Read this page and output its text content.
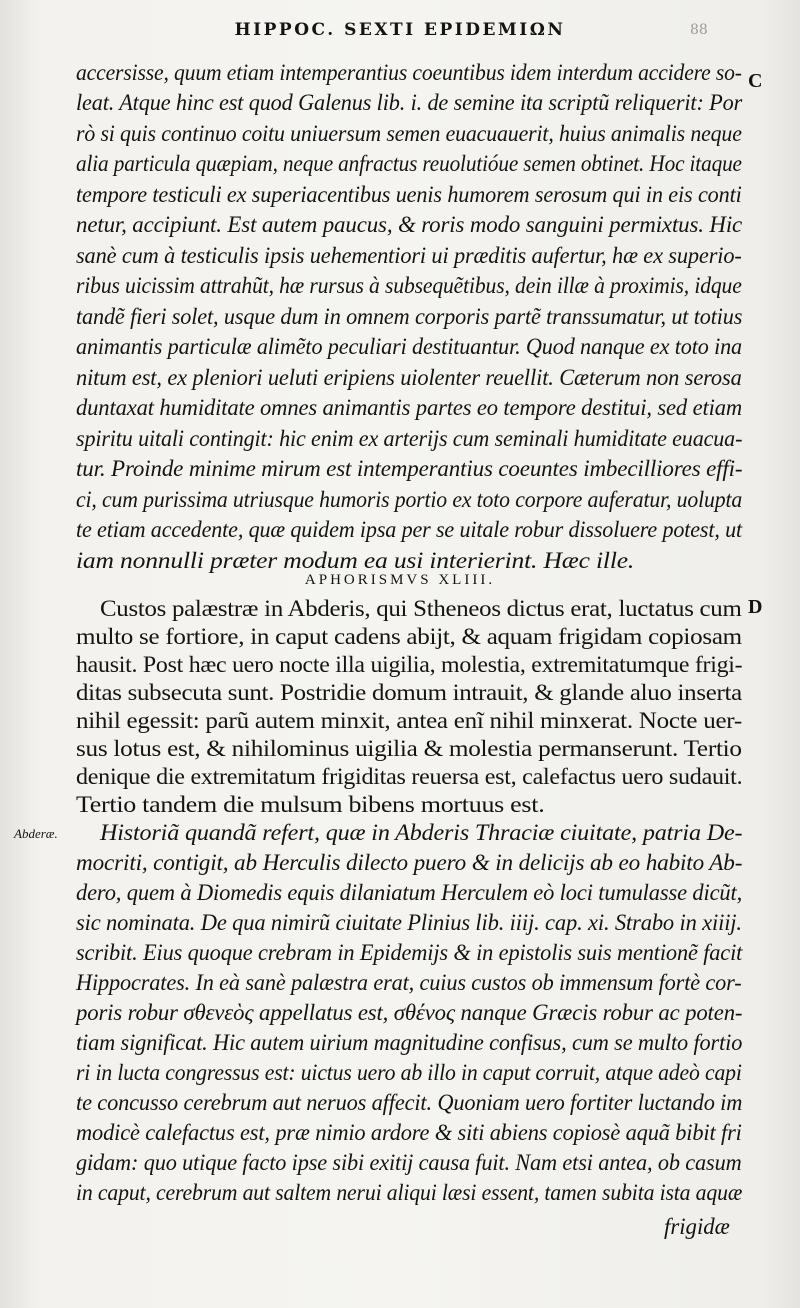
HIPPOC. SEXTI EPIDEMIΩN	88
C
D
Abderæ.
accersisse, quum etiam intemperantius coeuntibus idem interdum accidere so-
leat. Atque hinc est quod Galenus lib. i. de semine ita scriptũ reliquerit: Por
rò si quis continuo coitu uniuersum semen euacuauerit, huius animalis neque
alia particula quæpiam, neque anfractus reuolutióue semen obtinet. Hoc itaque
tempore testiculi ex superiacentibus uenis humorem serosum qui in eis conti
netur, accipiunt. Est autem paucus, & roris modo sanguini permixtus. Hic
sanè cum à testiculis ipsis uehementiori ui præditis aufertur, hæ ex superio-
ribus uicissim attrahũt, hæ rursus à subsequẽtibus, dein illæ à proximis, idque
tandẽ fieri solet, usque dum in omnem corporis partẽ transsumatur, ut totius
animantis particulæ alimẽto peculiari destituantur. Quod nanque ex toto ina
nitum est, ex pleniori ueluti eripiens uiolenter reuellit. Cæterum non serosa
duntaxat humiditate omnes animantis partes eo tempore destitui, sed etiam
spiritu uitali contingit: hic enim ex arterijs cum seminali humiditate euacua-
tur. Proinde minime mirum est intemperantius coeuntes imbecilliores effi-
ci, cum purissima utriusque humoris portio ex toto corpore auferatur, uolupta
te etiam accedente, quæ quidem ipsa per se uitale robur dissoluere potest, ut
iam nonnulli præter modum ea usi interierint. Hæc ille.
APHORISMVS XLIII.
Custos palæstræ in Abderis, qui Stheneos dictus erat, luctatus cum
multo se fortiore, in caput cadens abijt, & aquam frigidam copiosam
hausit. Post hæc uero nocte illa uigilia, molestia, extremitatumque frigi-
ditas subsecuta sunt. Postridie domum intrauit, & glande aluo inserta
nihil egessit: parũ autem minxit, antea enĩ nihil minxerat. Nocte uer-
sus lotus est, & nihilominus uigilia & molestia permanserunt. Tertio
denique die extremitatum frigiditas reuersa est, calefactus uero sudauit.
Tertio tandem die mulsum bibens mortuus est.
Historiã quandã refert, quæ in Abderis Thraciæ ciuitate, patria De-
mocriti, contigit, ab Herculis dilecto puero & in delicijs ab eo habito Ab-
dero, quem à Diomedis equis dilaniatum Herculem eò loci tumulasse dicũt,
sic nominata. De qua nimirũ ciuitate Plinius lib. iiij. cap. xi. Strabo in xiiij.
scribit. Eius quoque crebram in Epidemijs & in epistolis suis mentionẽ facit
Hippocrates. In eà sanè palæstra erat, cuius custos ob immensum fortè cor-
poris robur σθενεὸς appellatus est, σθένος nanque Græcis robur ac poten-
tiam significat. Hic autem uirium magnitudine confisus, cum se multo fortio
ri in lucta congressus est: uictus uero ab illo in caput corruit, atque adeò capi
te concusso cerebrum aut neruos affecit. Quoniam uero fortiter luctando im
modicè calefactus est, præ nimio ardore & siti abiens copiosè aquã bibit fri
gidam: quo utique facto ipse sibi exitij causa fuit. Nam etsi antea, ob casum
in caput, cerebrum aut saltem nerui aliqui læsi essent, tamen subita ista aquæ
frigidæ
